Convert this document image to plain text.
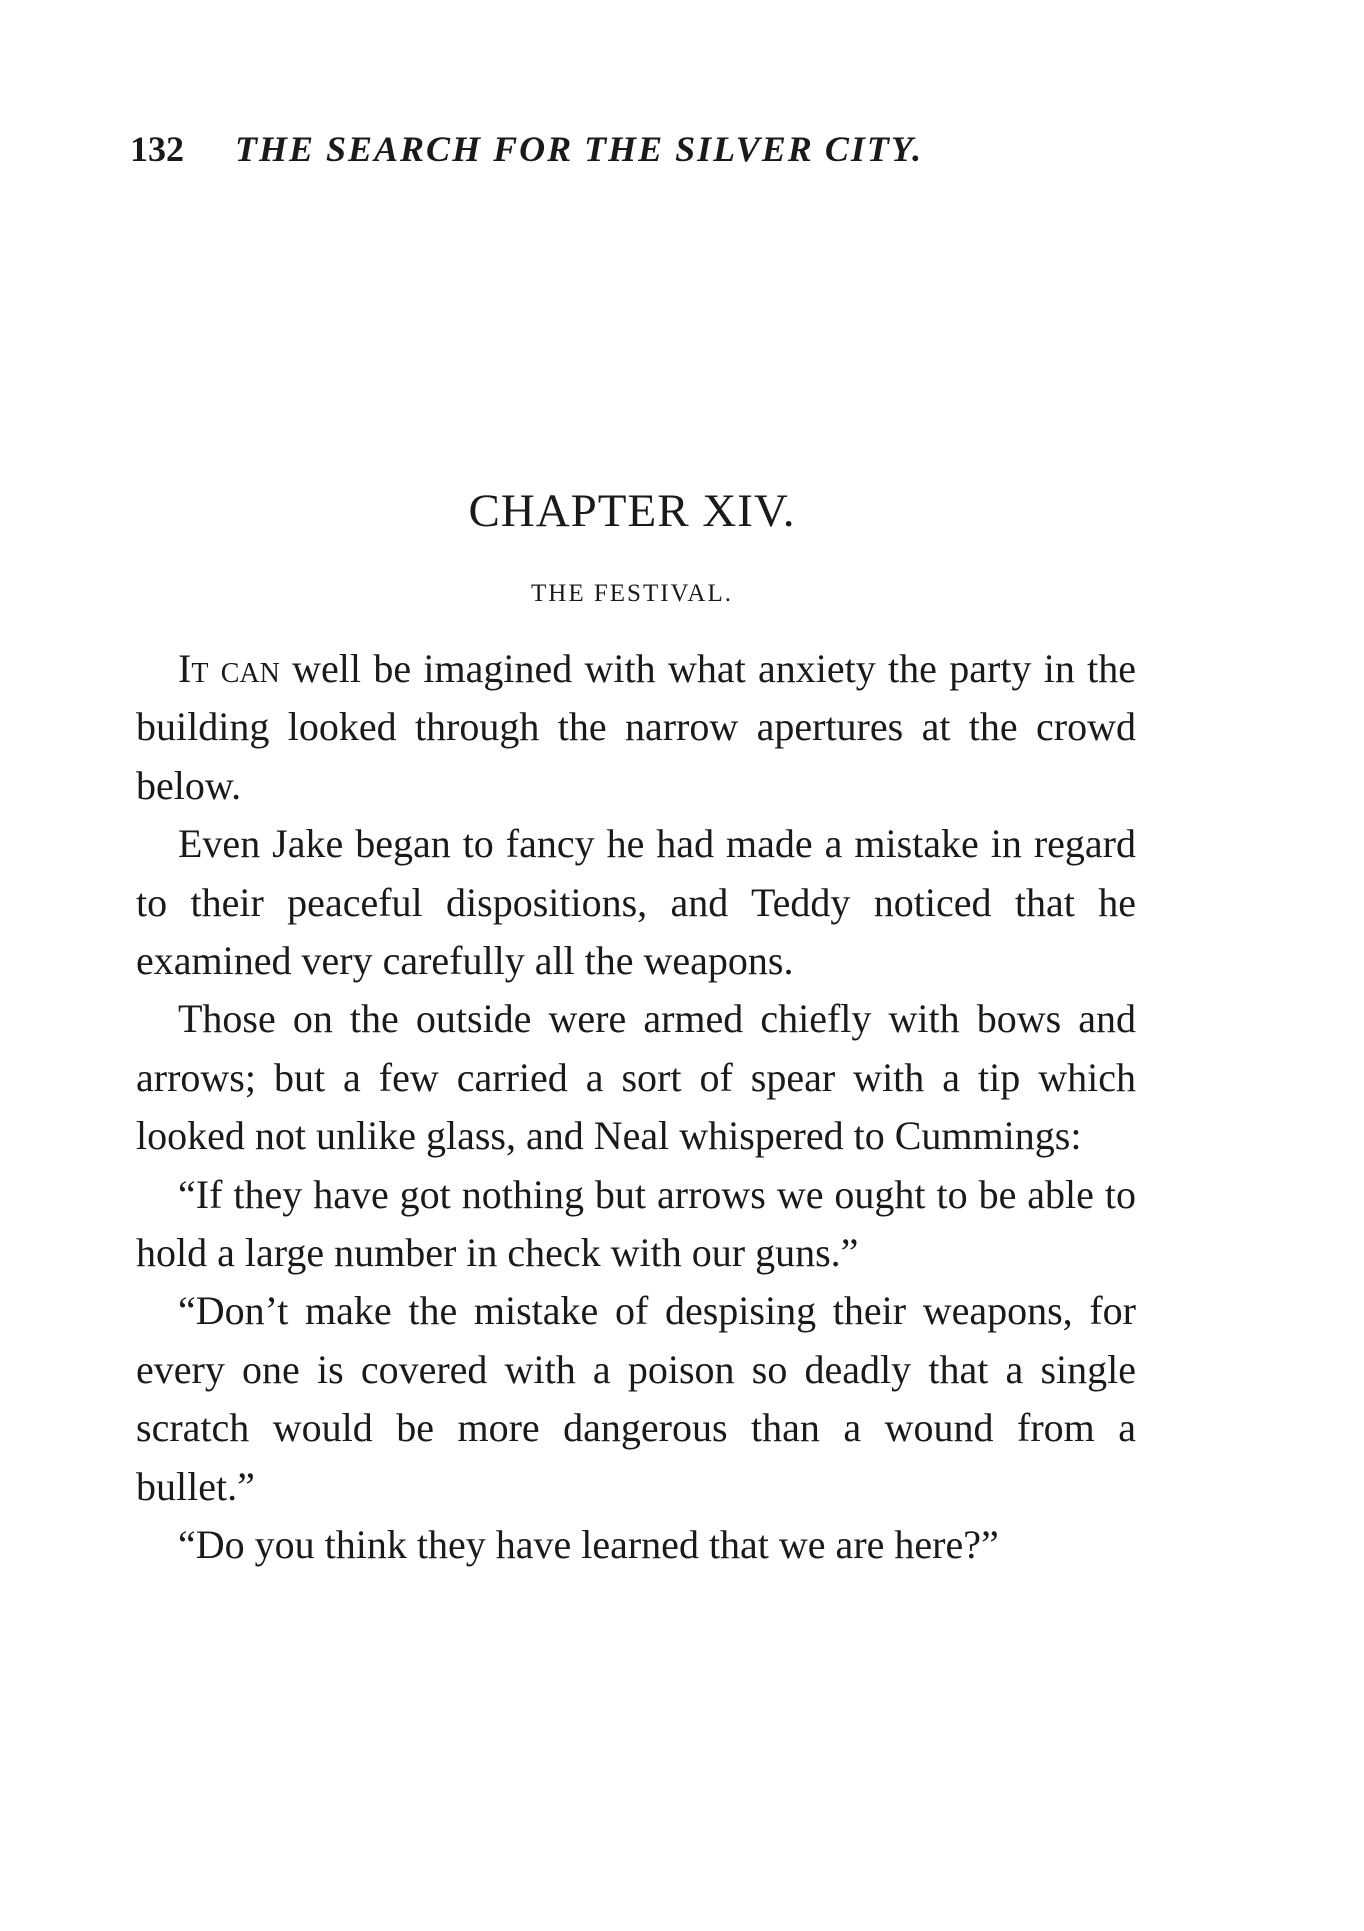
132 THE SEARCH FOR THE SILVER CITY.
CHAPTER XIV.
THE FESTIVAL.

It can well be imagined with what anxiety the party in the building looked through the narrow apertures at the crowd below.

Even Jake began to fancy he had made a mistake in regard to their peaceful dispositions, and Teddy noticed that he examined very carefully all the weapons.

Those on the outside were armed chiefly with bows and arrows; but a few carried a sort of spear with a tip which looked not unlike glass, and Neal whispered to Cummings:

“If they have got nothing but arrows we ought to be able to hold a large number in check with our guns.”

“Don’t make the mistake of despising their weapons, for every one is covered with a poison so deadly that a single scratch would be more dangerous than a wound from a bullet.”

“Do you think they have learned that we are here?”
